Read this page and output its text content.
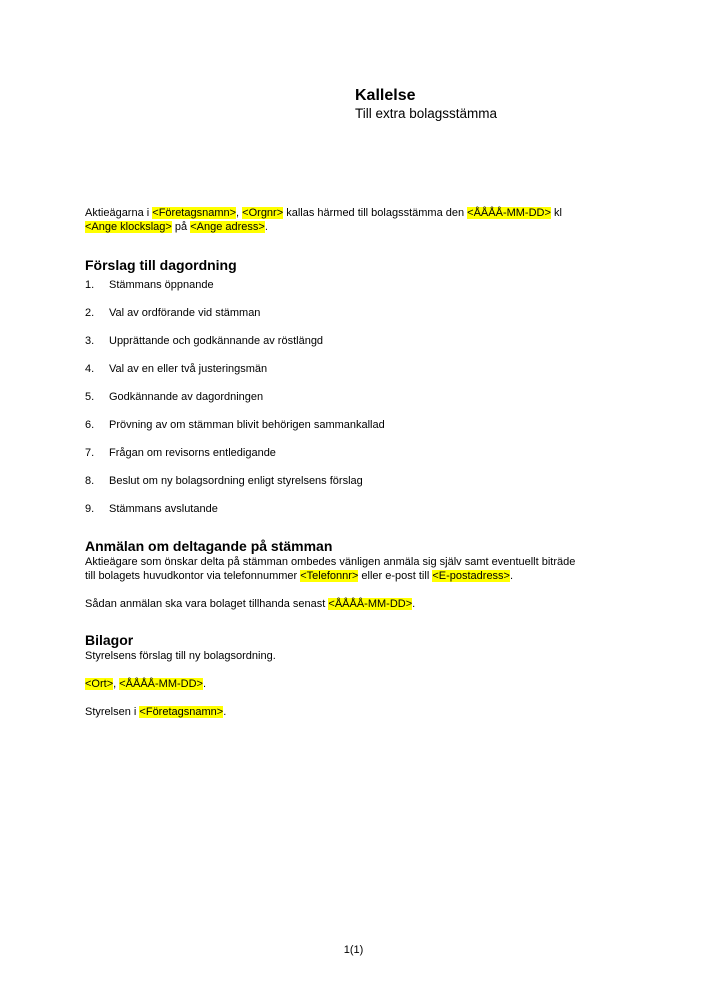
Kallelse
Till extra bolagsstämma

Aktieägarna i <Företagsnamn>, <Orgnr> kallas härmed till bolagsstämma den <ÅÅÅÅ-MM-DD> kl
<Ange klockslag> på <Ange adress>.

Förslag till dagordning
1.	Stämmans öppnande
2.	Val av ordförande vid stämman
3.	Upprättande och godkännande av röstlängd
4.	Val av en eller två justeringsmän
5.	Godkännande av dagordningen
6.	Prövning av om stämman blivit behörigen sammankallad
7.	Frågan om revisorns entledigande
8.	Beslut om ny bolagsordning enligt styrelsens förslag
9.	Stämmans avslutande
Anmälan om deltagande på stämman

Aktieägare som önskar delta på stämman ombedes vänligen anmäla sig själv samt eventuellt biträde
till bolagets huvudkontor via telefonnummer <Telefonnr> eller e-post till <E-postadress>.

Sådan anmälan ska vara bolaget tillhanda senast <ÅÅÅÅ-MM-DD>.

Bilagor

Styrelsens förslag till ny bolagsordning.

<Ort>, <ÅÅÅÅ-MM-DD>.

Styrelsen i <Företagsnamn>.

1(1)
